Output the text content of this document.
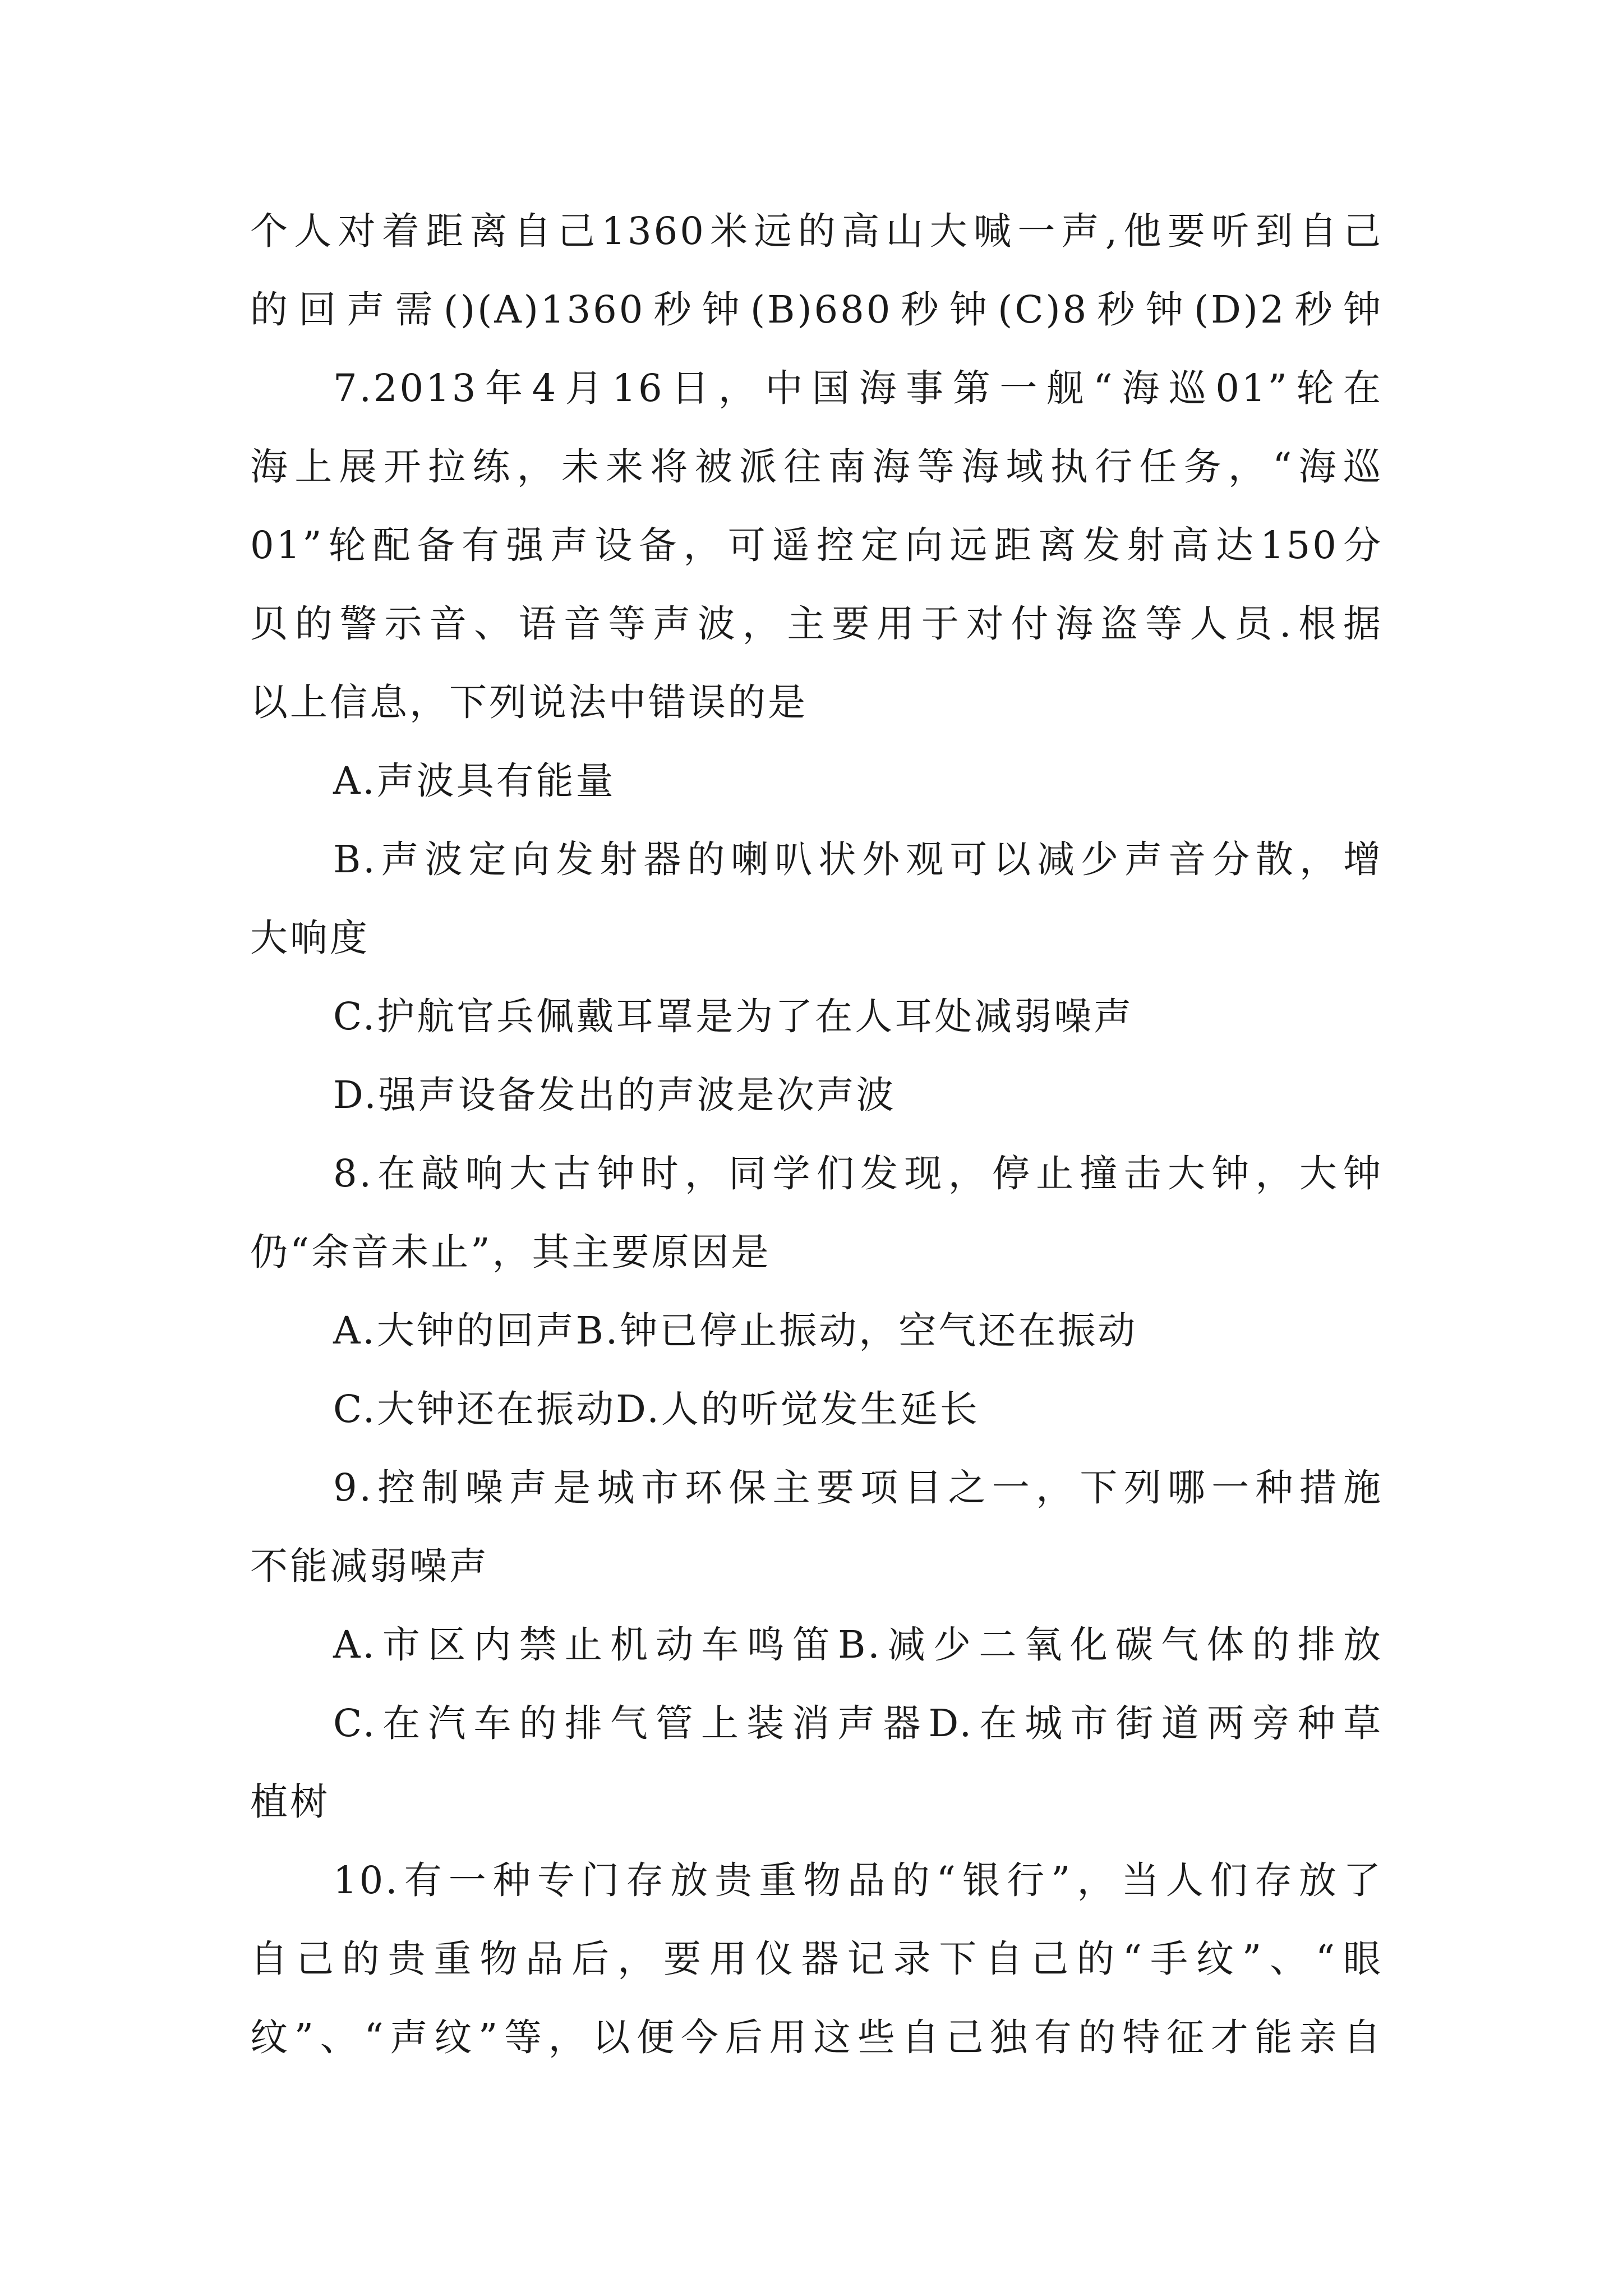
个人对着距离自己1360米远的高山大喊一声,他要听到自己
的回声需()(A)1360秒钟(B)680秒钟(C)8秒钟(D)2秒钟
7.2013年4月16日，中国海事第一舰“海巡01”轮在
海上展开拉练，未来将被派往南海等海域执行任务，“海巡
01”轮配备有强声设备，可遥控定向远距离发射高达150分
贝的警示音、语音等声波，主要用于对付海盗等人员.根据
以上信息，下列说法中错误的是
A.声波具有能量
B.声波定向发射器的喇叭状外观可以减少声音分散，增
大响度
C.护航官兵佩戴耳罩是为了在人耳处减弱噪声
D.强声设备发出的声波是次声波
8.在敲响大古钟时，同学们发现，停止撞击大钟，大钟
仍“余音未止”，其主要原因是
A.大钟的回声B.钟已停止振动，空气还在振动
C.大钟还在振动D.人的听觉发生延长
9.控制噪声是城市环保主要项目之一，下列哪一种措施
不能减弱噪声
A.市区内禁止机动车鸣笛B.减少二氧化碳气体的排放
C.在汽车的排气管上装消声器D.在城市街道两旁种草
植树
10.有一种专门存放贵重物品的“银行”，当人们存放了
自己的贵重物品后，要用仪器记录下自己的“手纹”、“眼
纹”、“声纹”等，以便今后用这些自己独有的特征才能亲自
